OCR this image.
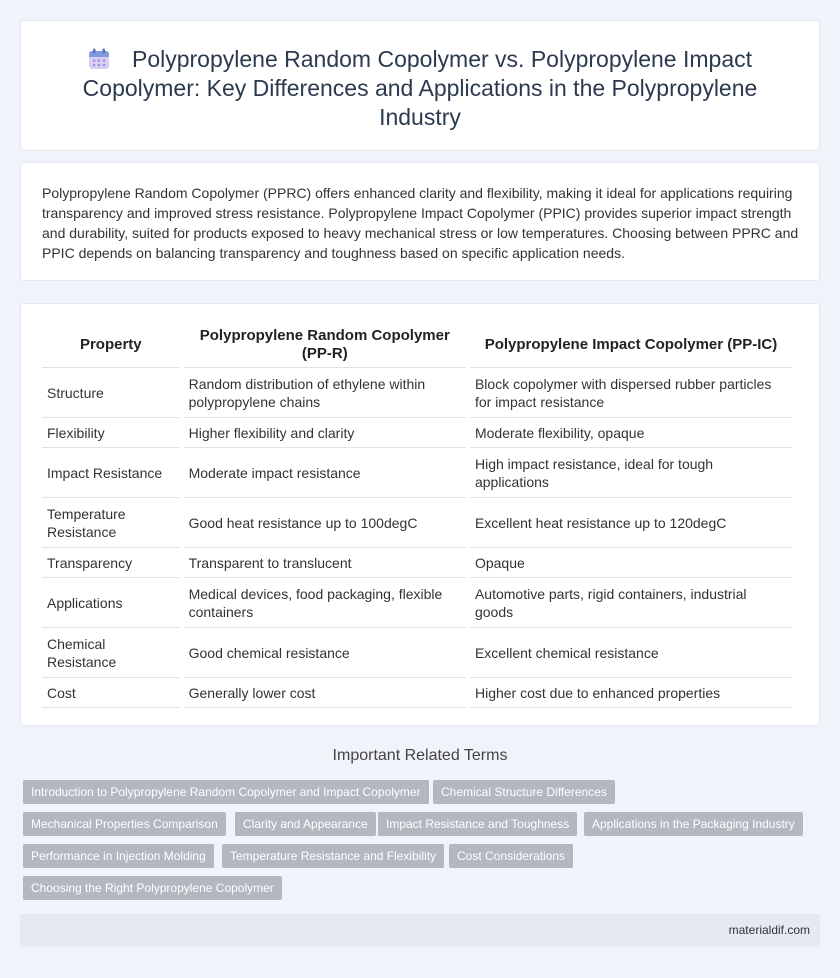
Polypropylene Random Copolymer vs. Polypropylene Impact Copolymer: Key Differences and Applications in the Polypropylene Industry

Polypropylene Random Copolymer (PPRC) offers enhanced clarity and flexibility, making it ideal for applications requiring transparency and improved stress resistance. Polypropylene Impact Copolymer (PPIC) provides superior impact strength and durability, suited for products exposed to heavy mechanical stress or low temperatures. Choosing between PPRC and PPIC depends on balancing transparency and toughness based on specific application needs.

Property	Polypropylene Random Copolymer (PP-R)	Polypropylene Impact Copolymer (PP-IC)
Structure	Random distribution of ethylene within polypropylene chains	Block copolymer with dispersed rubber particles for impact resistance
Flexibility	Higher flexibility and clarity	Moderate flexibility, opaque
Impact Resistance	Moderate impact resistance	High impact resistance, ideal for tough applications
Temperature Resistance	Good heat resistance up to 100degC	Excellent heat resistance up to 120degC
Transparency	Transparent to translucent	Opaque
Applications	Medical devices, food packaging, flexible containers	Automotive parts, rigid containers, industrial goods
Chemical Resistance	Good chemical resistance	Excellent chemical resistance
Cost	Generally lower cost	Higher cost due to enhanced properties
Important Related Terms
Introduction to Polypropylene Random Copolymer and Impact Copolymer	Chemical Structure Differences
Mechanical Properties Comparison	Clarity and Appearance	Impact Resistance and Toughness	Applications in the Packaging Industry
Performance in Injection Molding	Temperature Resistance and Flexibility	Cost Considerations
Choosing the Right Polypropylene Copolymer
materialdif.com
